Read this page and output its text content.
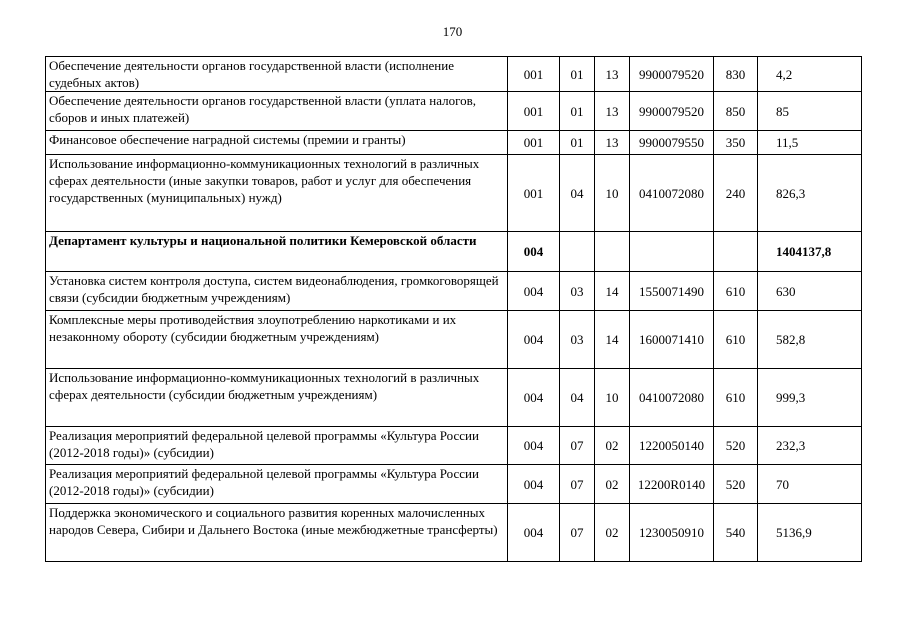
170
Обеспечение деятельности органов государственной власти (исполнение судебных актов)	001	01	13	9900079520	830	4,2
Обеспечение деятельности органов государственной власти (уплата налогов, сборов и иных платежей)	001	01	13	9900079520	850	85
Финансовое обеспечение наградной системы (премии и гранты)	001	01	13	9900079550	350	11,5
Использование информационно-коммуникационных технологий в различных сферах деятельности (иные закупки товаров, работ и услуг для обеспечения государственных (муниципальных) нужд)	001	04	10	0410072080	240	826,3
Департамент культуры и национальной политики Кемеровской области	004					1404137,8
Установка систем контроля доступа, систем видеонаблюдения, громкоговорящей связи (субсидии бюджетным учреждениям)	004	03	14	1550071490	610	630
Комплексные меры противодействия злоупотреблению наркотиками и их незаконному обороту (субсидии бюджетным учреждениям)	004	03	14	1600071410	610	582,8
Использование информационно-коммуникационных технологий в различных сферах деятельности (субсидии бюджетным учреждениям)	004	04	10	0410072080	610	999,3
Реализация мероприятий федеральной целевой программы «Культура России (2012-2018 годы)» (субсидии)	004	07	02	1220050140	520	232,3
Реализация мероприятий федеральной целевой программы «Культура России (2012-2018 годы)» (субсидии)	004	07	02	12200R0140	520	70
Поддержка экономического и социального развития коренных малочисленных народов Севера, Сибири и Дальнего Востока (иные межбюджетные трансферты)	004	07	02	1230050910	540	5136,9
